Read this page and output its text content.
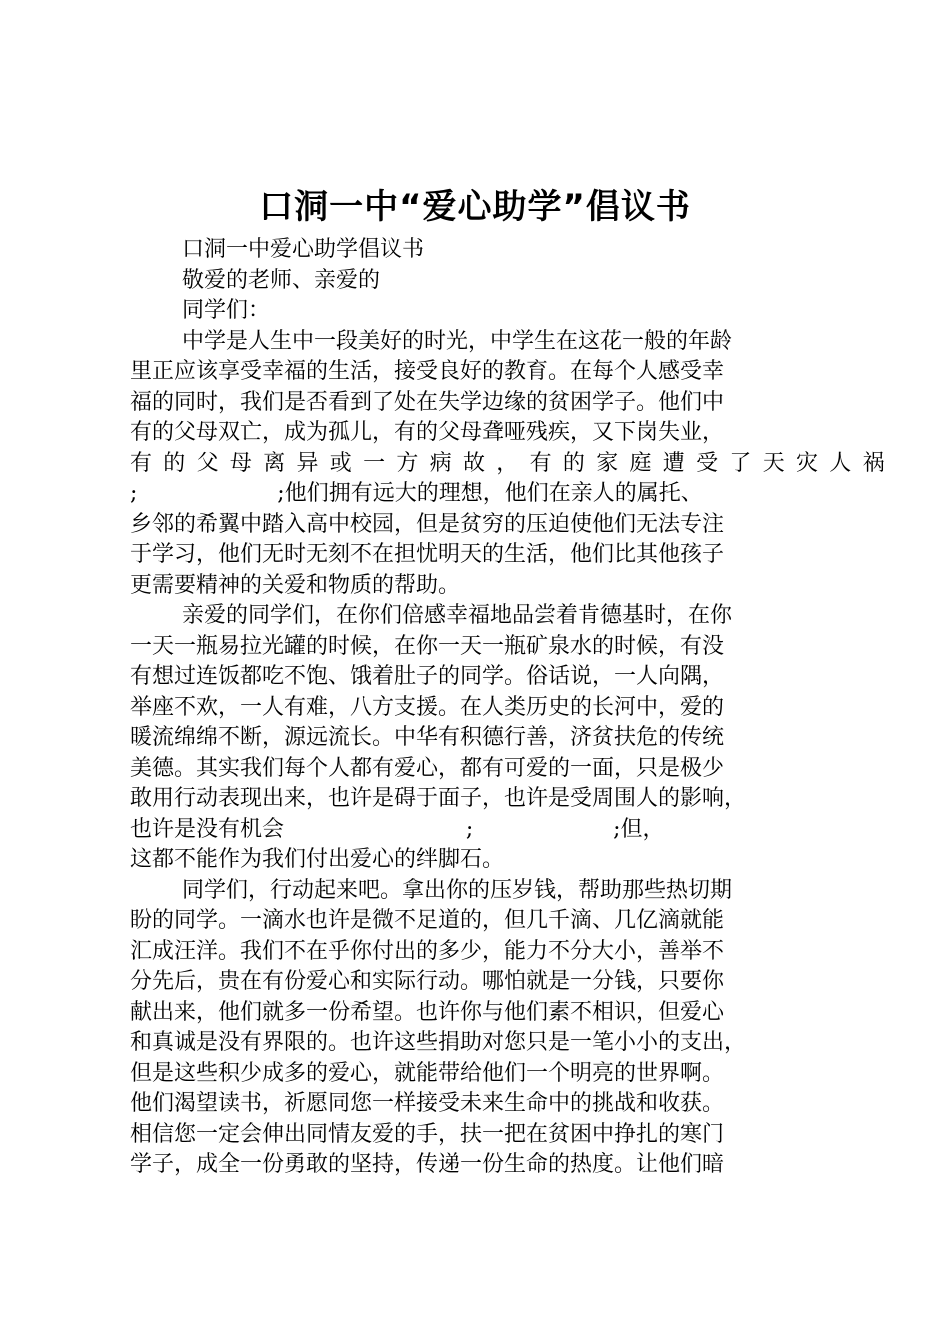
口洞一中“爱心助学”倡议书
口洞一中爱心助学倡议书
敬爱的老师、亲爱的
同学们：
中学是人生中一段美好的时光，中学生在这花一般的年龄
里正应该享受幸福的生活，接受良好的教育。在每个人感受幸
福的同时，我们是否看到了处在失学边缘的贫困学子。他们中
有的父母双亡，成为孤儿，有的父母聋哑残疾，又下岗失业，
有的父母离异或一方病故，有的家庭遭受了天灾人祸
;                    ;他们拥有远大的理想，他们在亲人的属托、
乡邻的希翼中踏入高中校园，但是贫穷的压迫使他们无法专注
于学习，他们无时无刻不在担忧明天的生活，他们比其他孩子
更需要精神的关爱和物质的帮助。
亲爱的同学们，在你们倍感幸福地品尝着肯德基时，在你
一天一瓶易拉光罐的时候，在你一天一瓶矿泉水的时候，有没
有想过连饭都吃不饱、饿着肚子的同学。俗话说，一人向隅，
举座不欢，一人有难，八方支援。在人类历史的长河中，爱的
暖流绵绵不断，源远流长。中华有积德行善，济贫扶危的传统
美德。其实我们每个人都有爱心，都有可爱的一面，只是极少
敢用行动表现出来，也许是碍于面子，也许是受周围人的影响，
也许是没有机会                          ;                    ;但，
这都不能作为我们付出爱心的绊脚石。
同学们，行动起来吧。拿出你的压岁钱，帮助那些热切期
盼的同学。一滴水也许是微不足道的，但几千滴、几亿滴就能
汇成汪洋。我们不在乎你付出的多少，能力不分大小，善举不
分先后，贵在有份爱心和实际行动。哪怕就是一分钱，只要你
献出来，他们就多一份希望。也许你与他们素不相识，但爱心
和真诚是没有界限的。也许这些捐助对您只是一笔小小的支出，
但是这些积少成多的爱心，就能带给他们一个明亮的世界啊。
他们渴望读书，祈愿同您一样接受未来生命中的挑战和收获。
相信您一定会伸出同情友爱的手，扶一把在贫困中挣扎的寒门
学子，成全一份勇敢的坚持，传递一份生命的热度。让他们暗
